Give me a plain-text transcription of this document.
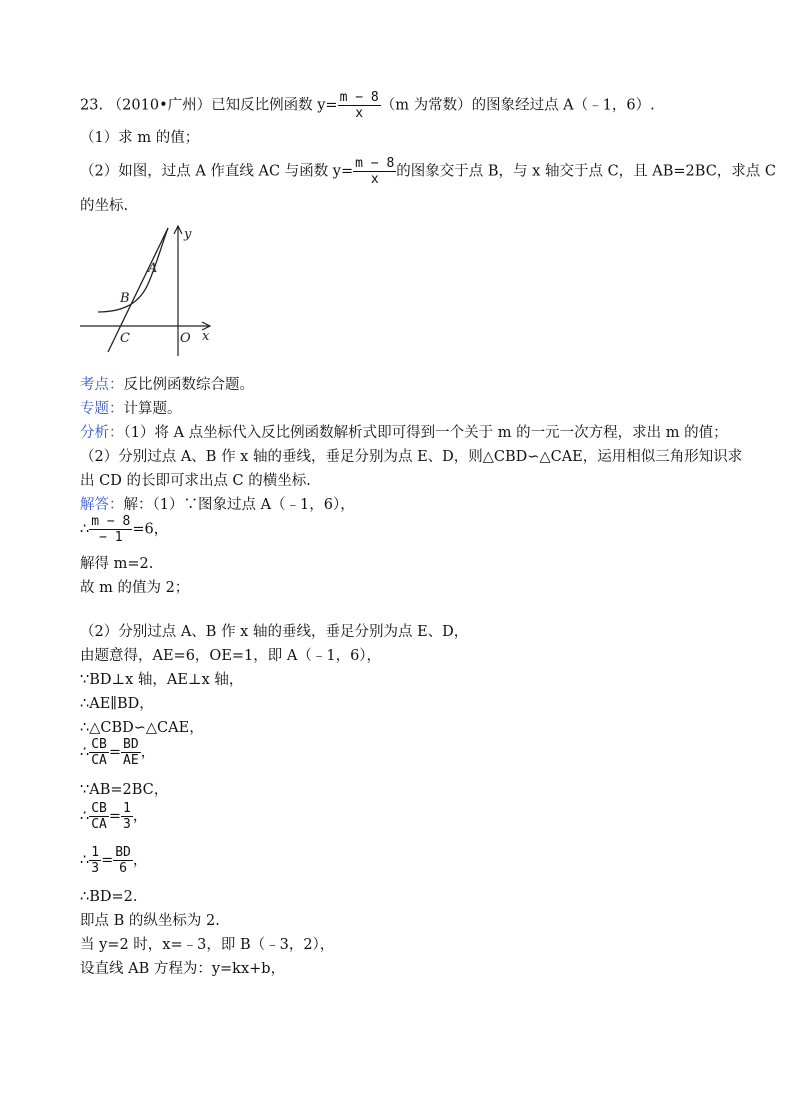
23. （2010•广州）已知反比例函数 $y= \frac{m - 8}{x} (m$ 为常数）的图象经过点 A（﹣1，6）.
（1）求 m 的值；
（2）如图，过点 A 作直线 AC 与函数 $y= \frac{m - 8}{x}$ 的图象交于点 B，与 x 轴交于点 C，且 AB=2BC，求点 C
的坐标.
A
B
C	O x
y
考点：反比例函数综合题。
专题：计算题。
分析：（1）将 A 点坐标代入反比例函数解析式即可得到一个关于 m 的一元一次方程，求出 m 的值；
（2）分别过点 A、B 作 x 轴的垂线，垂足分别为点 E、D，则△CBD∽△CAE，运用相似三角形知识求
出 CD 的长即可求出点 C 的横坐标.
解答：解：（1）∵图象过点 A（﹣1，6），
∴ $\frac{m - 8}{- 1} =6$，
解得 m=2.
故 m 的值为 2；
（2）分别过点 A、B 作 x 轴的垂线，垂足分别为点 E、D，
由题意得，AE=6，OE=1，即 A（﹣1，6），
∵BD⊥x 轴，AE⊥x 轴，
∴AE∥BD，
∴△CBD∽△CAE，
∴ $\frac{CB}{CA} = \frac{BD}{AE}$ ，
∵AB=2BC，
∴ $\frac{CB}{CA} = \frac{1}{3}$ ，
∴ $\frac{1}{3} = \frac{BD}{6}$ ，
∴BD=2.
即点 B 的纵坐标为 2.
当 y=2 时，x=﹣3，即 B（﹣3，2），
设直线 AB 方程为：y=kx+b，
